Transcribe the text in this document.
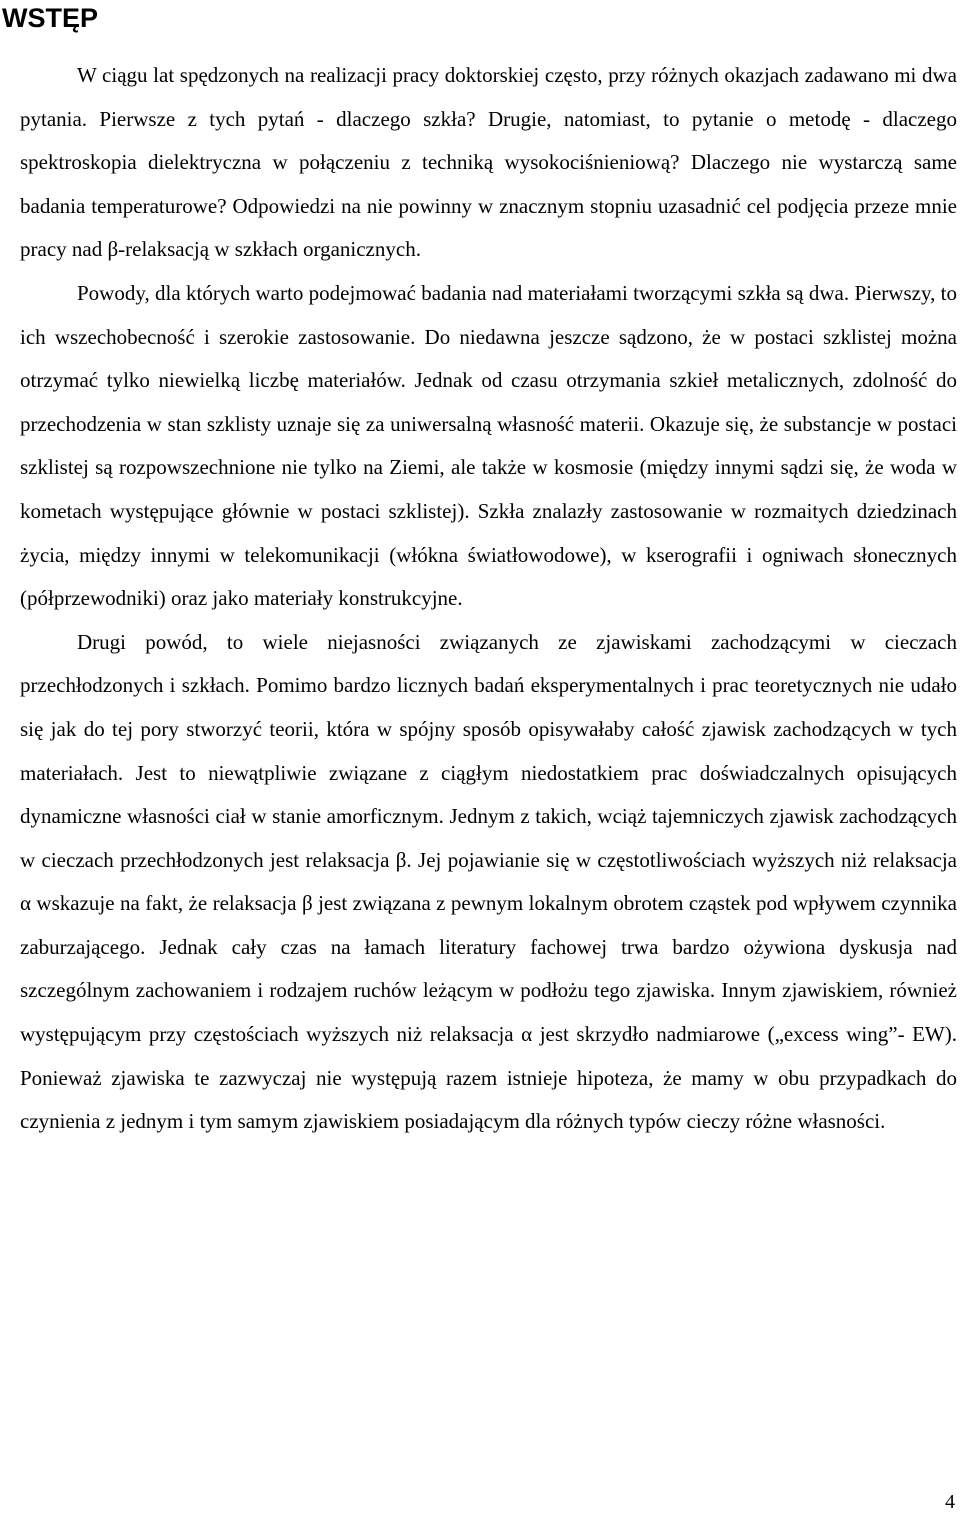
WSTĘP

W ciągu lat spędzonych na realizacji pracy doktorskiej często, przy różnych okazjach zadawano mi dwa pytania. Pierwsze z tych pytań - dlaczego szkła? Drugie, natomiast, to pytanie o metodę - dlaczego spektroskopia dielektryczna w połączeniu z techniką wysokociśnieniową? Dlaczego nie wystarczą same badania temperaturowe? Odpowiedzi na nie powinny w znacznym stopniu uzasadnić cel podjęcia przeze mnie pracy nad β-relaksacją w szkłach organicznych.

Powody, dla których warto podejmować badania nad materiałami tworzącymi szkła są dwa. Pierwszy, to ich wszechobecność i szerokie zastosowanie. Do niedawna jeszcze sądzono, że w postaci szklistej można otrzymać tylko niewielką liczbę materiałów. Jednak od czasu otrzymania szkieł metalicznych, zdolność do przechodzenia w stan szklisty uznaje się za uniwersalną własność materii. Okazuje się, że substancje w postaci szklistej są rozpowszechnione nie tylko na Ziemi, ale także w kosmosie (między innymi sądzi się, że woda w kometach występujące głównie w postaci szklistej). Szkła znalazły zastosowanie w rozmaitych dziedzinach życia, między innymi w telekomunikacji (włókna światłowodowe), w kserografii i ogniwach słonecznych (półprzewodniki) oraz jako materiały konstrukcyjne.

Drugi powód, to wiele niejasności związanych ze zjawiskami zachodzącymi w cieczach przechłodzonych i szkłach. Pomimo bardzo licznych badań eksperymentalnych i prac teoretycznych nie udało się jak do tej pory stworzyć teorii, która w spójny sposób opisywałaby całość zjawisk zachodzących w tych materiałach. Jest to niewątpliwie związane z ciągłym niedostatkiem prac doświadczalnych opisujących dynamiczne własności ciał w stanie amorficznym. Jednym z takich, wciąż tajemniczych zjawisk zachodzących w cieczach przechłodzonych jest relaksacja β. Jej pojawianie się w częstotliwościach wyższych niż relaksacja α wskazuje na fakt, że relaksacja β jest związana z pewnym lokalnym obrotem cząstek pod wpływem czynnika zaburzającego. Jednak cały czas na łamach literatury fachowej trwa bardzo ożywiona dyskusja nad szczególnym zachowaniem i rodzajem ruchów leżącym w podłożu tego zjawiska. Innym zjawiskiem, również występującym przy częstościach wyższych niż relaksacja α jest skrzydło nadmiarowe („excess wing”- EW). Ponieważ zjawiska te zazwyczaj nie występują razem istnieje hipoteza, że mamy w obu przypadkach do czynienia z jednym i tym samym zjawiskiem posiadającym dla różnych typów cieczy różne własności.

4
